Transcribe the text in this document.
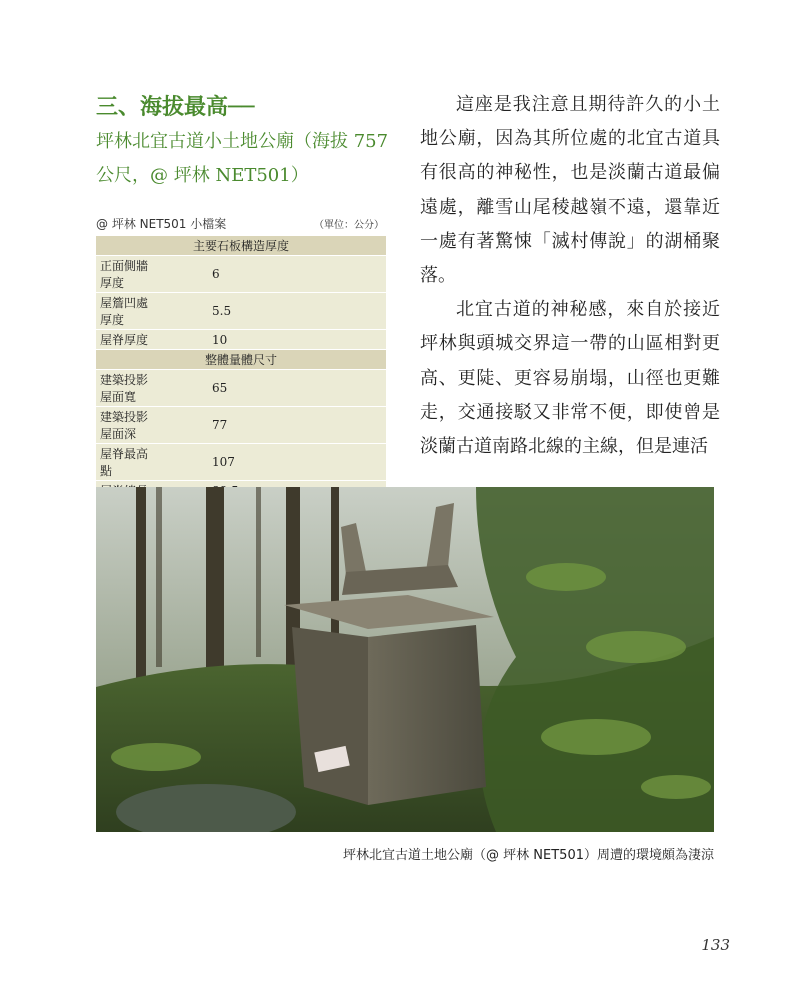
三、海拔最高──
坪林北宜古道小土地公廟（海拔 757 公尺，@ 坪林 NET501）
@ 坪林 NET501 小檔案	（單位：公分）
主要石板構造厚度	
正面側牆厚度	6
屋簷凹處厚度	5.5
屋脊厚度	10
整體量體尺寸	
建築投影屋面寬	65
建築投影屋面深	77
屋脊最高點	107

這座是我注意且期待許久的小土地公廟，因為其所位處的北宜古道具有很高的神秘性，也是淡蘭古道最偏遠處，離雪山尾稜越嶺不遠，還靠近一處有著驚悚「滅村傳說」的湖桶聚落。

北宜古道的神秘感，來自於接近坪林與頭城交界這一帶的山區相對更高、更陡、更容易崩塌，山徑也更難走，交通接駁又非常不便，即使曾是淡蘭古道南路北線的主線，但是連活

坪林北宜古道土地公廟（@ 坪林 NET501）周遭的環境頗為淒涼
133
